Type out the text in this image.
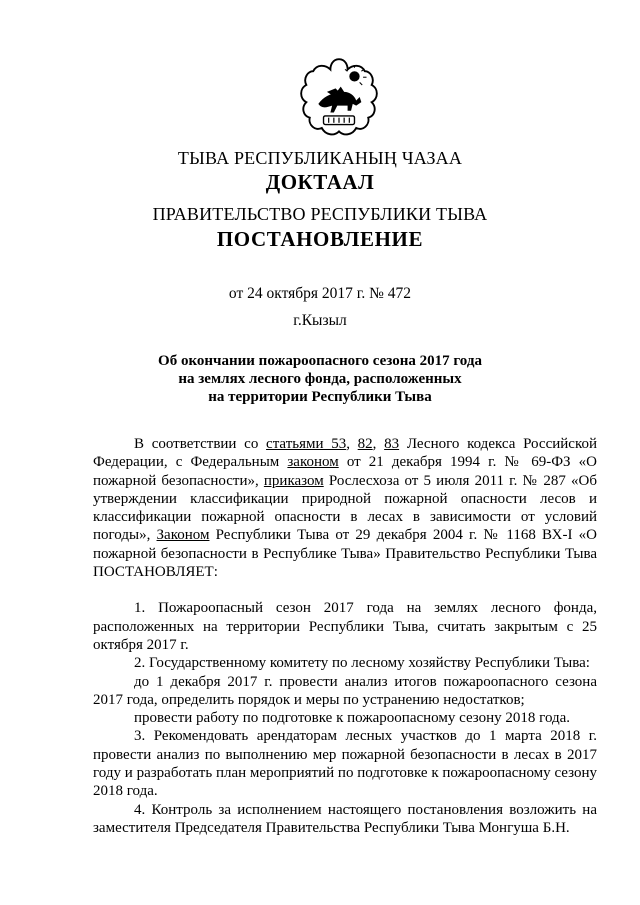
ТЫВА РЕСПУБЛИКАНЫҢ ЧАЗАА
ДОКТААЛ
ПРАВИТЕЛЬСТВО РЕСПУБЛИКИ ТЫВА
ПОСТАНОВЛЕНИЕ
от 24 октября 2017 г. № 472
г.Кызыл
Об окончании пожароопасного сезона 2017 года
на землях лесного фонда, расположенных
на территории Республики Тыва

В соответствии со статьями 53, 82, 83 Лесного кодекса Российской Федерации, с Федеральным законом от 21 декабря 1994 г. № 69-ФЗ «О пожарной безопасности», приказом Рослесхоза от 5 июля 2011 г. № 287 «Об утверждении классификации природной пожарной опасности лесов и классификации пожарной опасности в лесах в зависимости от условий погоды», Законом Республики Тыва от 29 декабря 2004 г. № 1168 ВХ-I «О пожарной безопасности в Республике Тыва» Правительство Республики Тыва ПОСТАНОВЛЯЕТ:

1. Пожароопасный сезон 2017 года на землях лесного фонда, расположенных на территории Республики Тыва, считать закрытым с 25 октября 2017 г.

2. Государственному комитету по лесному хозяйству Республики Тыва:

до 1 декабря 2017 г. провести анализ итогов пожароопасного сезона 2017 года, определить порядок и меры по устранению недостатков;

провести работу по подготовке к пожароопасному сезону 2018 года.

3. Рекомендовать арендаторам лесных участков до 1 марта 2018 г. провести анализ по выполнению мер пожарной безопасности в лесах в 2017 году и разработать план мероприятий по подготовке к пожароопасному сезону 2018 года.

4. Контроль за исполнением настоящего постановления возложить на заместителя Председателя Правительства Республики Тыва Монгуша Б.Н.
